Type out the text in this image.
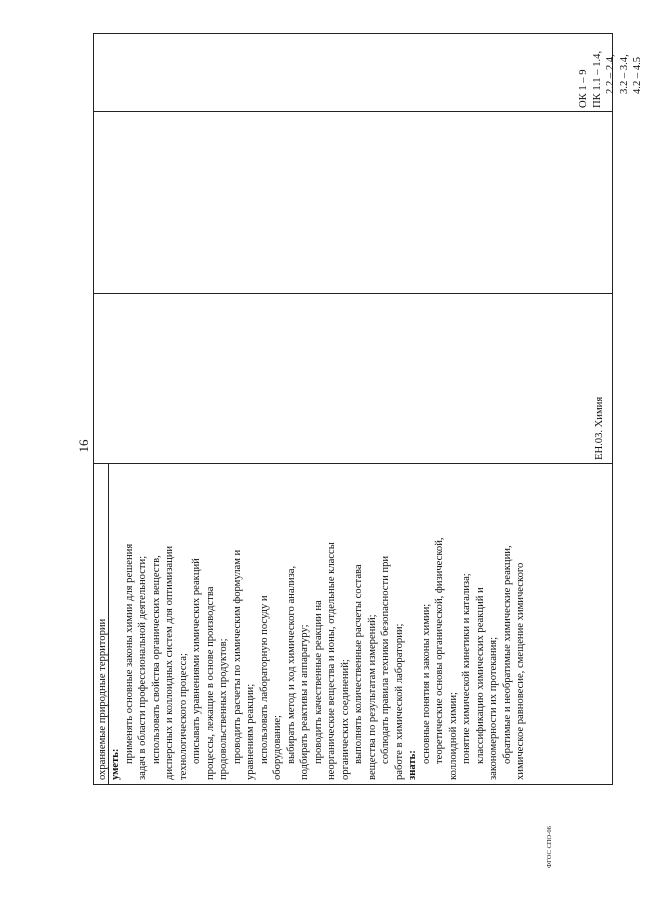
16
ФГОС СПО-06
охраняемые природные территории уметь:
применять основные законы химии для решения задач в области профессиональной деятельности; использовать свойства органических веществ, дисперсных и коллоидных систем для оптимизации технологического процесса; описывать уравнениями химических реакций процессы, лежащие в основе производства продовольственных продуктов; проводить расчеты по химическим формулам и уравнениям реакции; использовать лабораторную посуду и оборудование; выбирать метод и ход химического анализа, подбирать реактивы и аппаратуру; проводить качественные реакции на неорганические вещества и ионы, отдельные классы органических соединений; выполнять количественные расчеты состава вещества по результатам измерений; соблюдать правила техники безопасности при работе в химической лаборатории; знать:
основные понятия и законы химии; теоретические основы органической, физической, коллоидной химии; понятие химической кинетики и катализа; классификацию химических реакций и закономерности их протекания; обратимые и необратимые химические реакции, химическое равновесие, смещение химического
ЕН.03. Химия
ОК 1 – 9 ПК 1.1 – 1.4, 2.2 – 2.4, 3.2 – 3.4, 4.2 – 4.5
